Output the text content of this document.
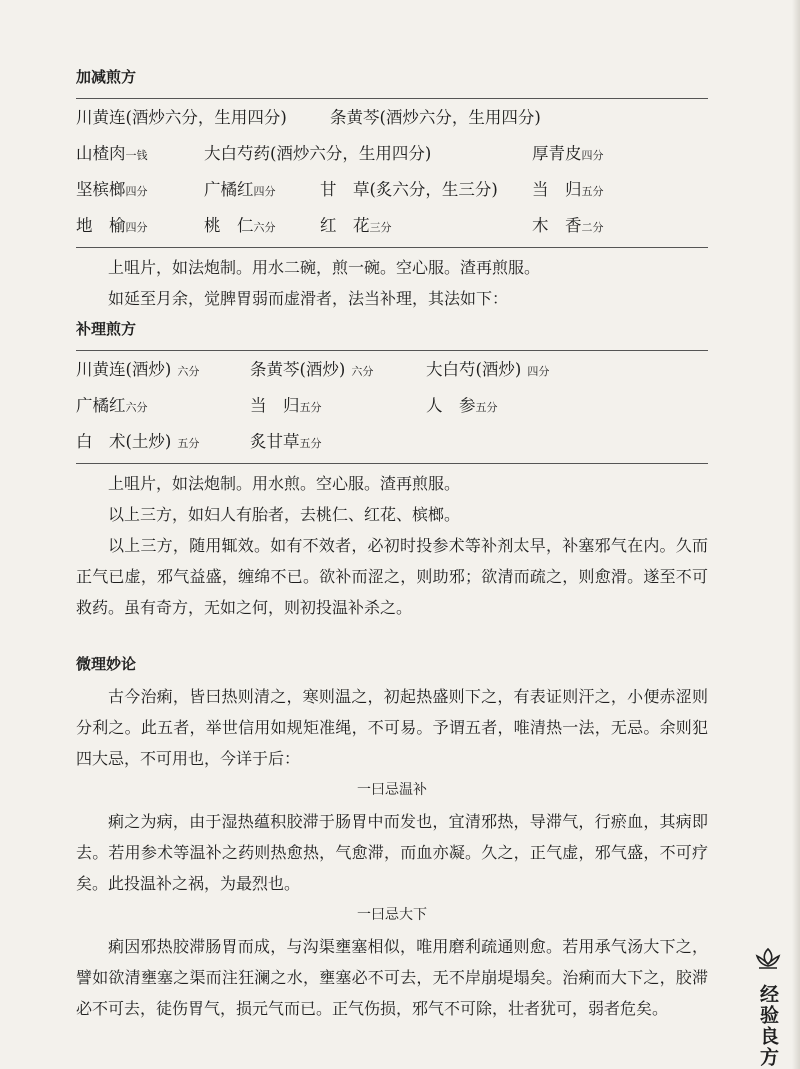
加减煎方
川黄连(酒炒六分，生用四分)	条黄芩(酒炒六分，生用四分)
山楂肉一钱	大白芍药(酒炒六分，生用四分)	厚青皮四分
坚槟榔四分	广橘红四分	甘　草(炙六分，生三分)	当　归五分
地　榆四分	桃　仁六分	红　花三分	木　香二分

上咀片，如法炮制。用水二碗，煎一碗。空心服。渣再煎服。

如延至月余，觉脾胃弱而虚滑者，法当补理，其法如下：

补理煎方
川黄连(酒炒) 六分	条黄芩(酒炒) 六分	大白芍(酒炒) 四分
广橘红六分	当　归五分	人　参五分
白　术(土炒) 五分	炙甘草五分

上咀片，如法炮制。用水煎。空心服。渣再煎服。

以上三方，如妇人有胎者，去桃仁、红花、槟榔。

以上三方，随用辄效。如有不效者，必初时投参术等补剂太早，补塞邪气在内。久而正气已虚，邪气益盛，缠绵不已。欲补而涩之，则助邪；欲清而疏之，则愈滑。遂至不可救药。虽有奇方，无如之何，则初投温补杀之。

微理妙论

古今治痢，皆曰热则清之，寒则温之，初起热盛则下之，有表证则汗之，小便赤涩则分利之。此五者，举世信用如规矩准绳，不可易。予谓五者，唯清热一法，无忌。余则犯四大忌，不可用也，今详于后：

一曰忌温补

痢之为病，由于湿热蕴积胶滞于肠胃中而发也，宜清邪热，导滞气，行瘀血，其病即去。若用参术等温补之药则热愈热，气愈滞，而血亦凝。久之，正气虚，邪气盛，不可疗矣。此投温补之祸，为最烈也。

一曰忌大下

痢因邪热胶滞肠胃而成，与沟渠壅塞相似，唯用磨利疏通则愈。若用承气汤大下之，譬如欲清壅塞之渠而注狂澜之水，壅塞必不可去，无不岸崩堤塌矣。治痢而大下之，胶滞必不可去，徒伤胃气，损元气而已。正气伤损，邪气不可除，壮者犹可，弱者危矣。	经验良方
